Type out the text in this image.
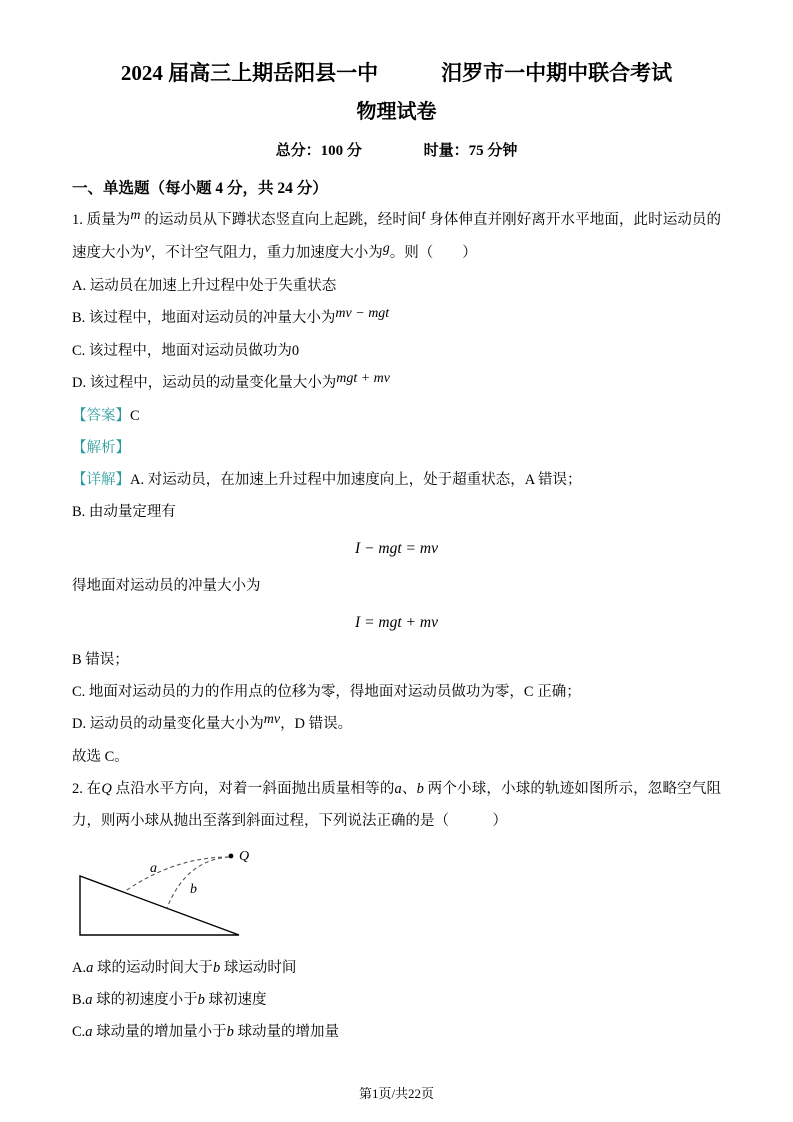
2024 届高三上期岳阳县一中　　　汨罗市一中期中联合考试
物理试卷
总分：100 分	时量：75 分钟
一、单选题（每小题 4 分，共 24 分）

1. 质量为m 的运动员从下蹲状态竖直向上起跳，经时间t 身体伸直并刚好离开水平地面，此时运动员的速度大小为v，不计空气阻力，重力加速度大小为g。则（　　）

A. 运动员在加速上升过程中处于失重状态

B. 该过程中，地面对运动员的冲量大小为mv − mgt

C. 该过程中，地面对运动员做功为0

D. 该过程中，运动员的动量变化量大小为mgt + mv

【答案】C

【解析】

【详解】A. 对运动员，在加速上升过程中加速度向上，处于超重状态，A 错误；

B. 由动量定理有

I − mgt = mv

得地面对运动员的冲量大小为

I = mgt + mv

B 错误；

C. 地面对运动员的力的作用点的位移为零，得地面对运动员做功为零，C 正确；

D. 运动员的动量变化量大小为mv，D 错误。

故选 C。

2. 在Q 点沿水平方向，对着一斜面抛出质量相等的a、b 两个小球，小球的轨迹如图所示，忽略空气阻力，则两小球从抛出至落到斜面过程，下列说法正确的是（　　　）

Q
a
b

A.a 球的运动时间大于b 球运动时间

B.a 球的初速度小于b 球初速度

C.a 球动量的增加量小于b 球动量的增加量

第1页/共22页
